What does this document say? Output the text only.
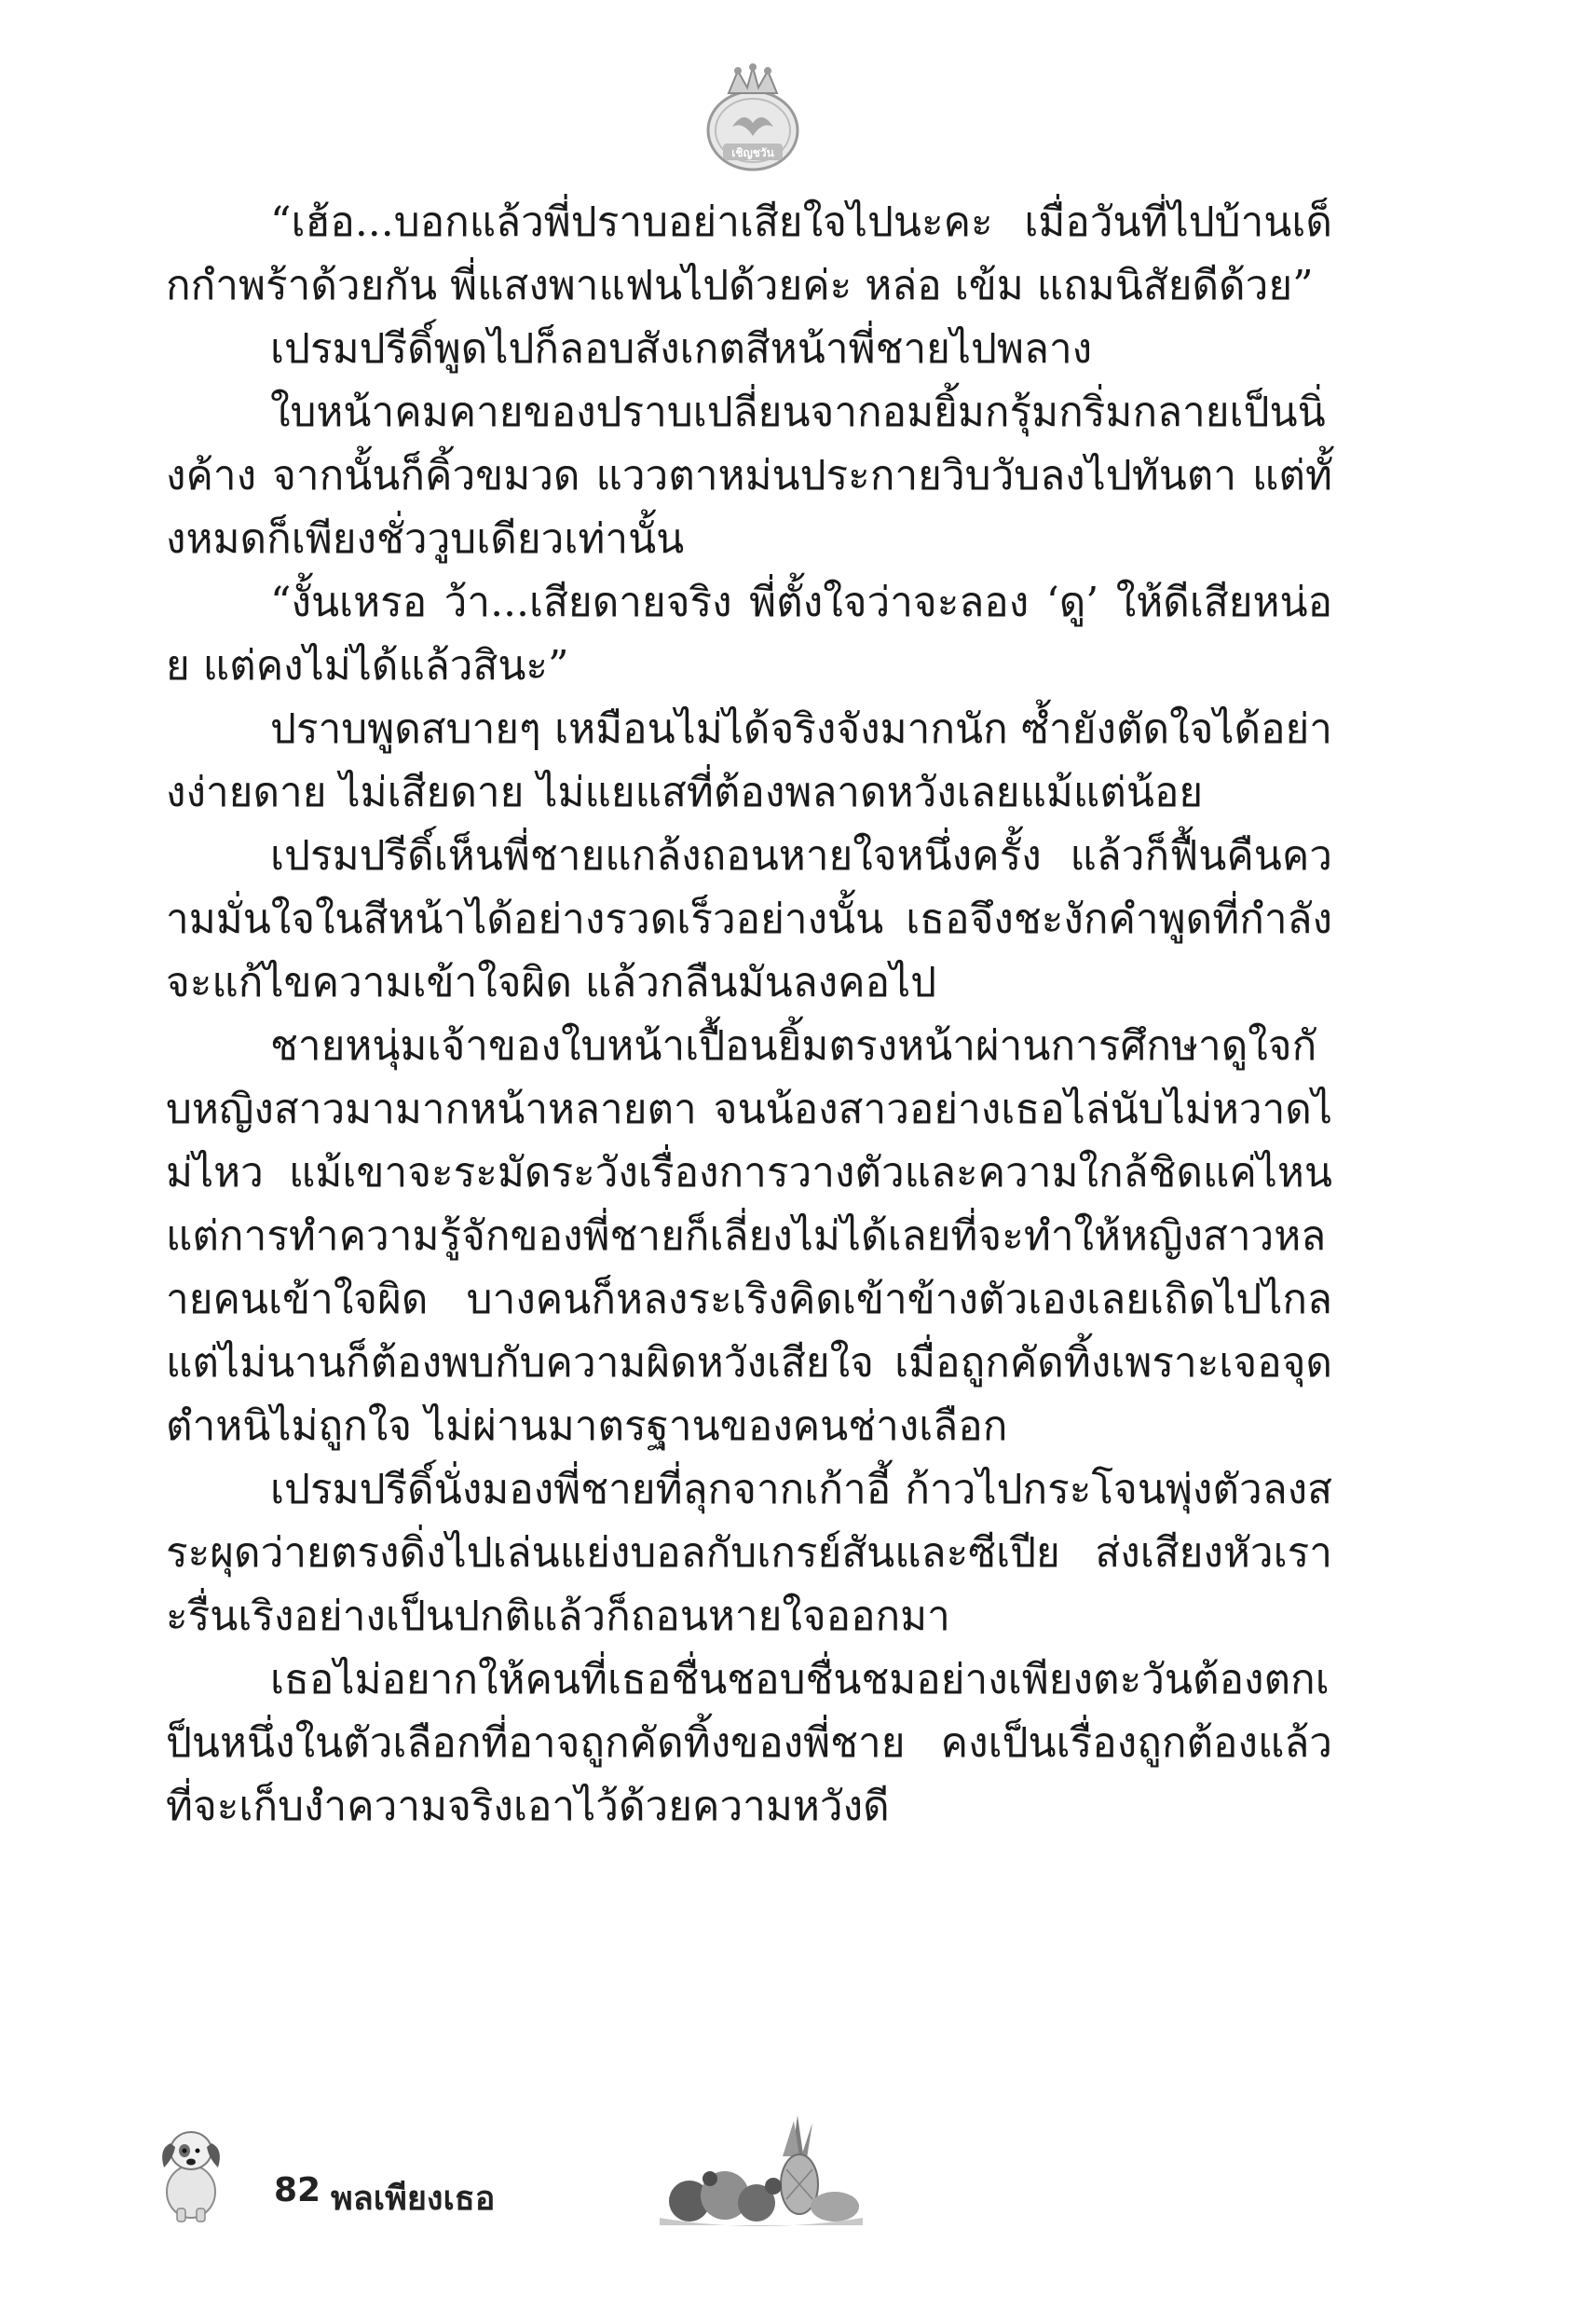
เชิญชวัน

“เฮ้อ...บอกแล้วพี่ปราบอย่าเสียใจไปนะคะ เมื่อวันที่ไปบ้านเด็กกำพร้าด้วยกัน พี่แสงพาแฟนไปด้วยค่ะ หล่อ เข้ม แถมนิสัยดีด้วย”

เปรมปรีดิ์พูดไปก็ลอบสังเกตสีหน้าพี่ชายไปพลาง

ใบหน้าคมคายของปราบเปลี่ยนจากอมยิ้มกรุ้มกริ่มกลายเป็นนิ่งค้าง จากนั้นก็คิ้วขมวด แววตาหม่นประกายวิบวับลงไปทันตา แต่ทั้งหมดก็เพียงชั่ววูบเดียวเท่านั้น

“งั้นเหรอ ว้า...เสียดายจริง พี่ตั้งใจว่าจะลอง ‘ดู’ ให้ดีเสียหน่อย แต่คงไม่ได้แล้วสินะ”

ปราบพูดสบายๆ เหมือนไม่ได้จริงจังมากนัก ซ้ำยังตัดใจได้อย่างง่ายดาย ไม่เสียดาย ไม่แยแสที่ต้องพลาดหวังเลยแม้แต่น้อย

เปรมปรีดิ์เห็นพี่ชายแกล้งถอนหายใจหนึ่งครั้ง แล้วก็ฟื้นคืนความมั่นใจในสีหน้าได้อย่างรวดเร็วอย่างนั้น เธอจึงชะงักคำพูดที่กำลังจะแก้ไขความเข้าใจผิด แล้วกลืนมันลงคอไป

ชายหนุ่มเจ้าของใบหน้าเปื้อนยิ้มตรงหน้าผ่านการศึกษาดูใจกับหญิงสาวมามากหน้าหลายตา จนน้องสาวอย่างเธอไล่นับไม่หวาดไม่ไหว แม้เขาจะระมัดระวังเรื่องการวางตัวและความใกล้ชิดแค่ไหน แต่การทำความรู้จักของพี่ชายก็เลี่ยงไม่ได้เลยที่จะทำให้หญิงสาวหลายคนเข้าใจผิด บางคนก็หลงระเริงคิดเข้าข้างตัวเองเลยเถิดไปไกล แต่ไม่นานก็ต้องพบกับความผิดหวังเสียใจ เมื่อถูกคัดทิ้งเพราะเจอจุดตำหนิไม่ถูกใจ ไม่ผ่านมาตรฐานของคนช่างเลือก

เปรมปรีดิ์นั่งมองพี่ชายที่ลุกจากเก้าอี้ ก้าวไปกระโจนพุ่งตัวลงสระผุดว่ายตรงดิ่งไปเล่นแย่งบอลกับเกรย์สันและซีเปีย ส่งเสียงหัวเราะรื่นเริงอย่างเป็นปกติแล้วก็ถอนหายใจออกมา

เธอไม่อยากให้คนที่เธอชื่นชอบชื่นชมอย่างเพียงตะวันต้องตกเป็นหนึ่งในตัวเลือกที่อาจถูกคัดทิ้งของพี่ชาย คงเป็นเรื่องถูกต้องแล้วที่จะเก็บงำความจริงเอาไว้ด้วยความหวังดี

82 พลเพียงเธอ
